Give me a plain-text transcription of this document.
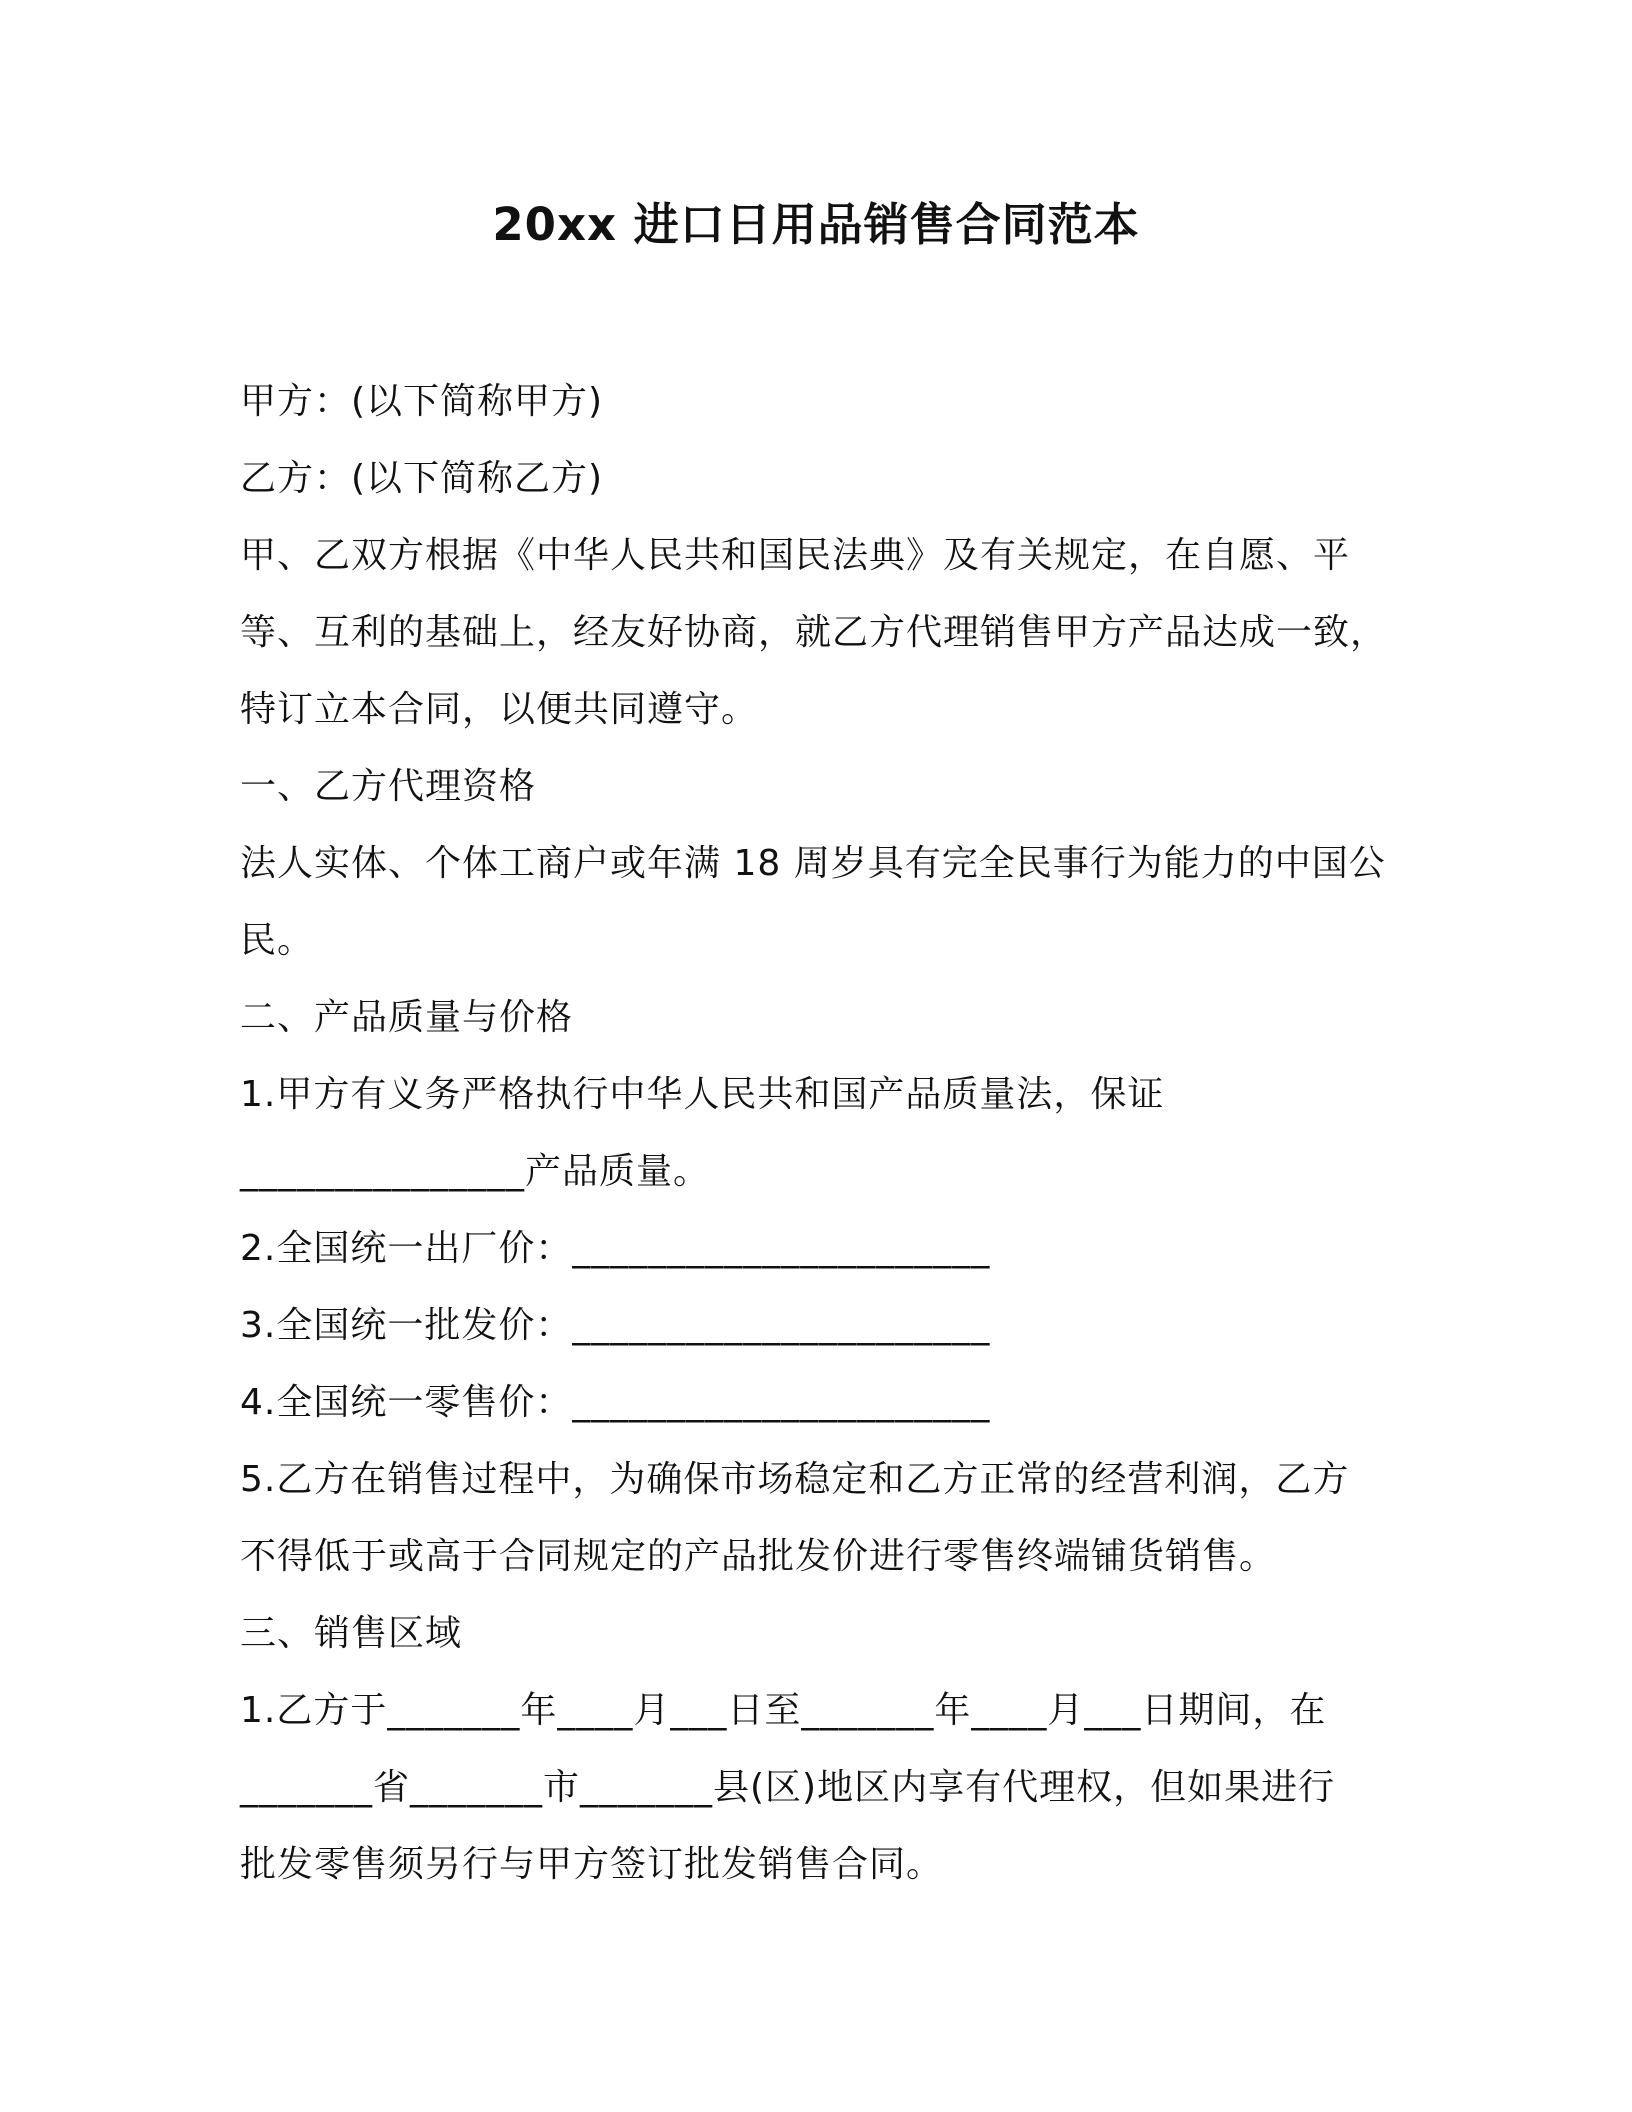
20xx 进口日用品销售合同范本
甲方：(以下简称甲方)
乙方：(以下简称乙方)
甲、乙双方根据《中华人民共和国民法典》及有关规定，在自愿、平
等、互利的基础上，经友好协商，就乙方代理销售甲方产品达成一致，
特订立本合同，以便共同遵守。
一、乙方代理资格
法人实体、个体工商户或年满 18 周岁具有完全民事行为能力的中国公
民。
二、产品质量与价格
1.甲方有义务严格执行中华人民共和国产品质量法，保证
_______________产品质量。
2.全国统一出厂价：______________________
3.全国统一批发价：______________________
4.全国统一零售价：______________________
5.乙方在销售过程中，为确保市场稳定和乙方正常的经营利润，乙方
不得低于或高于合同规定的产品批发价进行零售终端铺货销售。
三、销售区域
1.乙方于_______年____月___日至_______年____月___日期间，在
_______省_______市_______县(区)地区内享有代理权，但如果进行
批发零售须另行与甲方签订批发销售合同。
